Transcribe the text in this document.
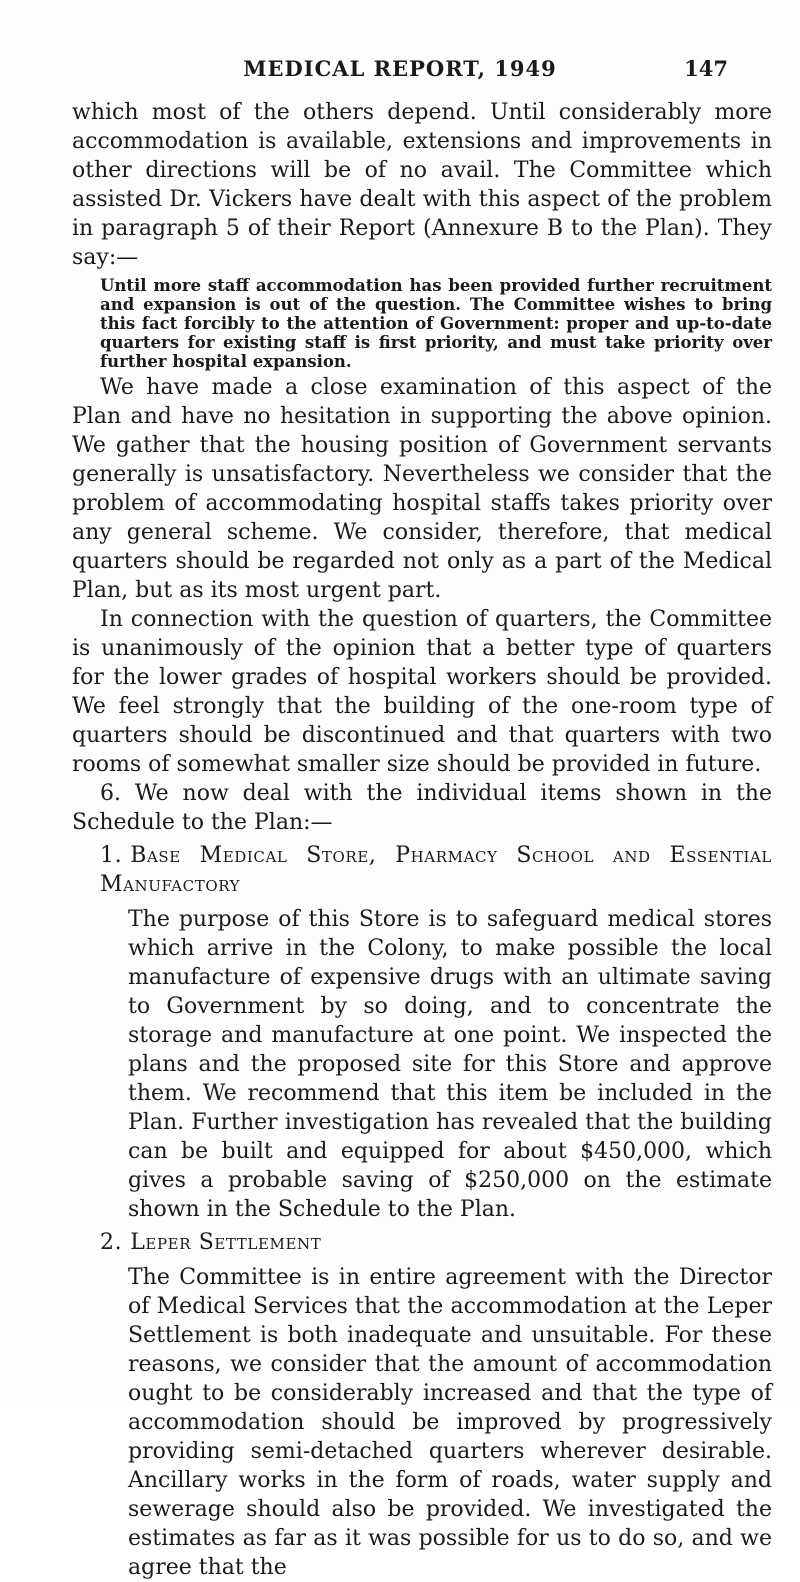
MEDICAL REPORT, 1949	147

which most of the others depend. Until considerably more accommodation is available, extensions and improvements in other directions will be of no avail. The Committee which assisted Dr. Vickers have dealt with this aspect of the problem in paragraph 5 of their Report (Annexure B to the Plan). They say:—

Until more staff accommodation has been provided further recruitment and expansion is out of the question. The Committee wishes to bring this fact forcibly to the attention of Government: proper and up-to-date quarters for existing staff is first priority, and must take priority over further hospital expansion.

We have made a close examination of this aspect of the Plan and have no hesitation in supporting the above opinion. We gather that the housing position of Government servants generally is unsatisfactory. Nevertheless we consider that the problem of accommodating hospital staffs takes priority over any general scheme. We consider, therefore, that medical quarters should be regarded not only as a part of the Medical Plan, but as its most urgent part.

In connection with the question of quarters, the Committee is unanimously of the opinion that a better type of quarters for the lower grades of hospital workers should be provided. We feel strongly that the building of the one-room type of quarters should be discontinued and that quarters with two rooms of somewhat smaller size should be provided in future.

6. We now deal with the individual items shown in the Schedule to the Plan:—

1. Base Medical Store, Pharmacy School and Essential Manufactory

The purpose of this Store is to safeguard medical stores which arrive in the Colony, to make possible the local manufacture of expensive drugs with an ultimate saving to Government by so doing, and to concentrate the storage and manufacture at one point. We inspected the plans and the proposed site for this Store and approve them. We recommend that this item be included in the Plan. Further investigation has revealed that the building can be built and equipped for about $450,000, which gives a probable saving of $250,000 on the estimate shown in the Schedule to the Plan.

2. Leper Settlement

The Committee is in entire agreement with the Director of Medical Services that the accommodation at the Leper Settlement is both inadequate and unsuitable. For these reasons, we consider that the amount of accommodation ought to be considerably increased and that the type of accommodation should be improved by progressively providing semi-detached quarters wherever desirable. Ancillary works in the form of roads, water supply and sewerage should also be provided. We investigated the estimates as far as it was possible for us to do so, and we agree that the
